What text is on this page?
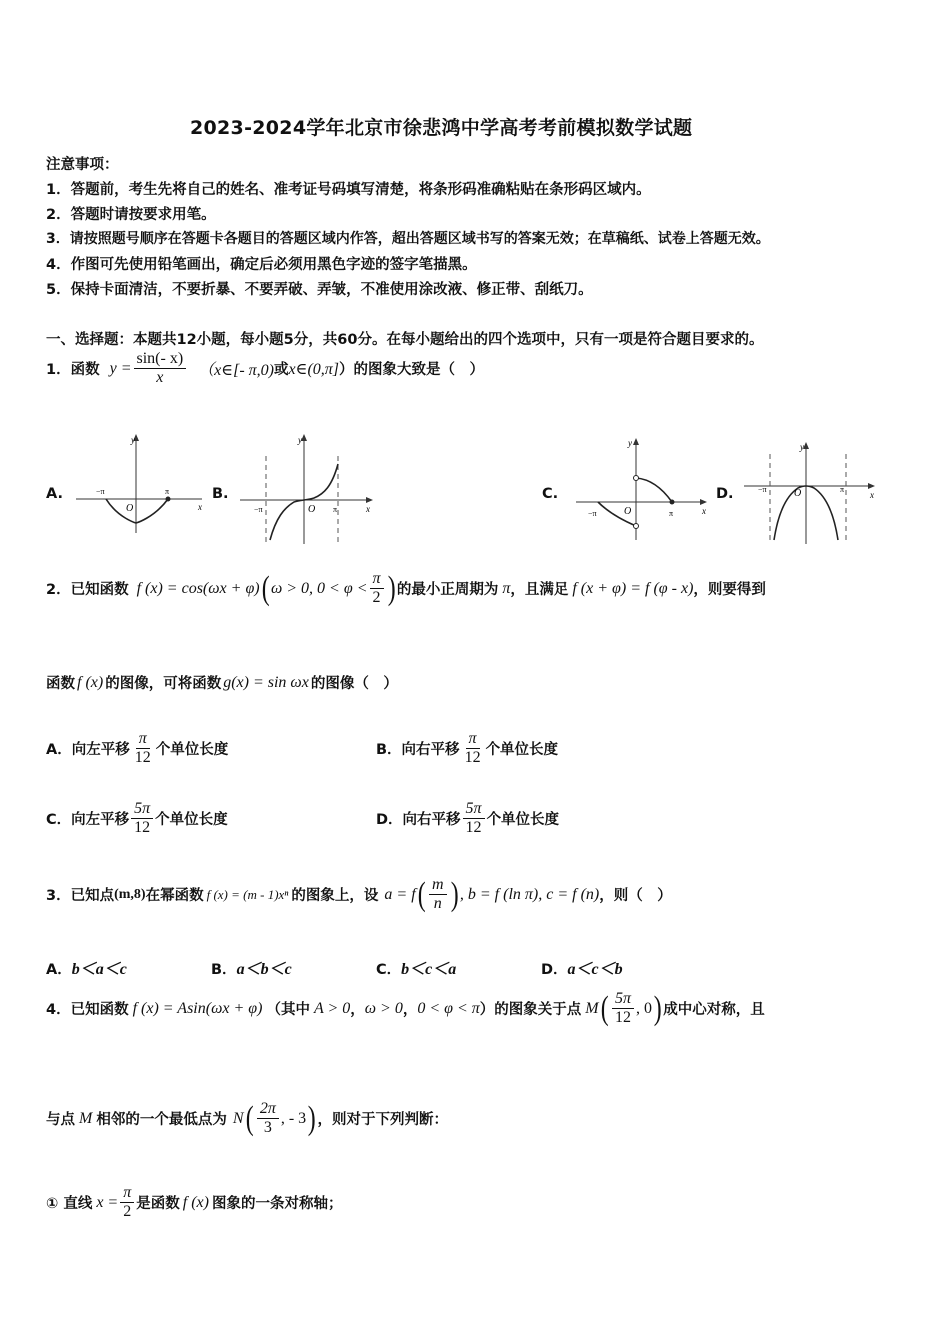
2023-2024学年北京市徐悲鸿中学高考考前模拟数学试题
注意事项：
1．答题前，考生先将自己的姓名、准考证号码填写清楚，将条形码准确粘贴在条形码区域内。
2．答题时请按要求用笔。
3．请按照题号顺序在答题卡各题目的答题区域内作答，超出答题区域书写的答案无效；在草稿纸、试卷上答题无效。
4．作图可先使用铅笔画出，确定后必须用黑色字迹的签字笔描黑。
5．保持卡面清洁，不要折暴、不要弄破、弄皱，不准使用涂改液、修正带、刮纸刀。
一、选择题：本题共12小题，每小题5分，共60分。在每小题给出的四个选项中，只有一项是符合题目要求的。
1．函数 $y = \frac{\sin(- x)}{x}$ （x∈[- π,0) 或 x∈(0,π] ）的图象大致是（　）
A.	B.	C.	D.
y
x
O
−π	π
y
x
O
−π	π
y
x
O
−π	π
y
x
O
−π	π
2．已知函数 f (x) = cos(ωx + φ) ( ω > 0, $0 < \varphi < \frac{\pi}{2}$ ) 的最小正周期为 π ，且满足 f (x + φ) = f (φ - x) ，则要得到
函数 f (x) 的图像，可将函数 g(x) = sin ωx 的图像（　）
A．向左平移 $\frac{\pi}{12}$ 个单位长度	B．向右平移 $\frac{\pi}{12}$ 个单位长度
C．向左平移 $\frac{5\pi}{12}$ 个单位长度	D．向右平移 $\frac{5\pi}{12}$ 个单位长度
3．已知点 (m,8) 在幂函数 f (x) = (m - 1)xⁿ 的图象上，设 a = f ( $\frac{m}{n}$ ) , b = f (ln π), c = f (n) ，则（　）
A．b＜a＜c	B．a＜b＜c	C．b＜c＜a	D．a＜c＜b
4．已知函数 f (x) = Asin(ωx + φ) （其中 A > 0 ， ω > 0 ， 0 < φ < π ）的图象关于点 M ( $\frac{5\pi}{12}$ , 0 ) 成中心对称，且
与点 M 相邻的一个最低点为 N ( $\frac{2\pi}{3}$ , - 3 ) ，则对于下列判断：
① 直线 $x = \frac{\pi}{2}$ 是函数 f (x) 图象的一条对称轴；
